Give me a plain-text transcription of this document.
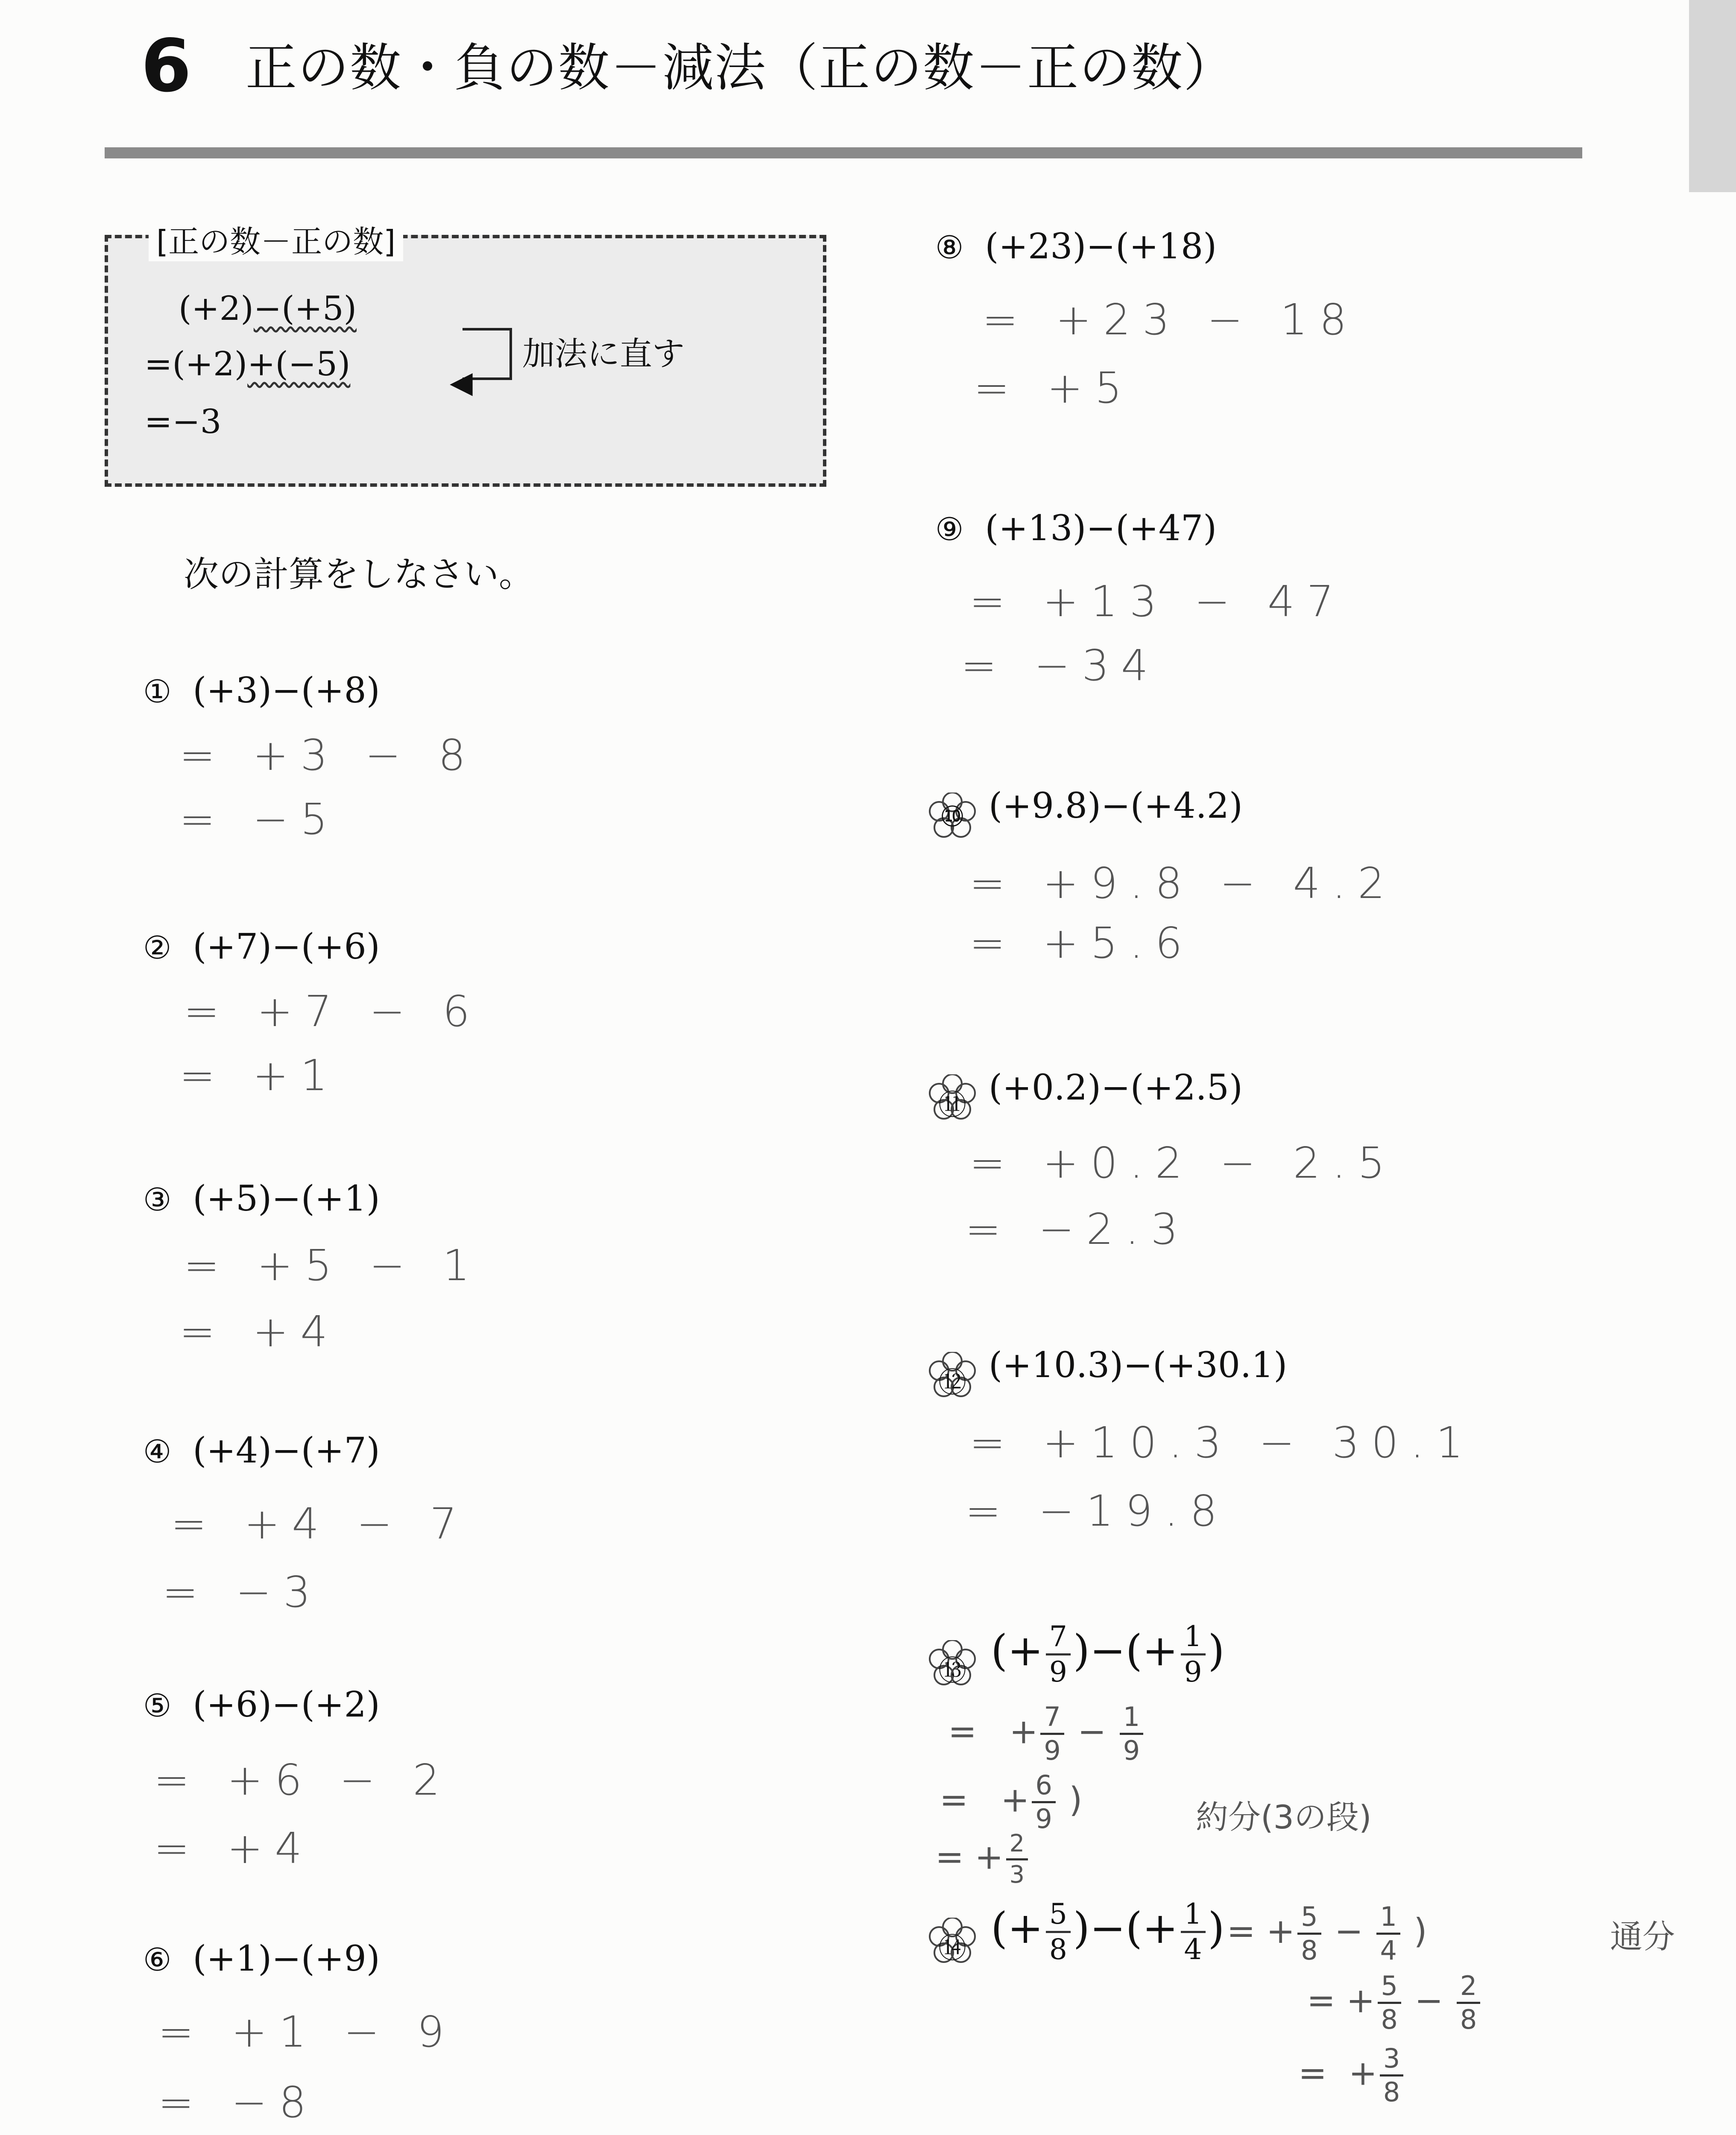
6 正の数・負の数－減法（正の数－正の数）
[正の数－正の数]
(+2)−(+5)
=(+2)+(−5)
=−3
◀
加法に直す
次の計算をしなさい。
① (+3)−(+8)
= +3 − 8
= −5
② (+7)−(+6)
= +7 − 6
= +1
③ (+5)−(+1)
= +5 − 1
= +4
④ (+4)−(+7)
= +4 − 7
= −3
⑤ (+6)−(+2)
= +6 − 2
= +4
⑥ (+1)−(+9)
= +1 − 9
= −8
⑧ (+23)−(+18)
= +23 − 18
= +5
⑨ (+13)−(+47)
= +13 − 47
= −34
⑩ (+9.8)−(+4.2)
= +9.8 − 4.2
= +5.6
⑪ (+0.2)−(+2.5)
= +0.2 − 2.5
= −2.3
⑫ (+10.3)−(+30.1)
= +10.3 − 30.1
= −19.8
⑬ (+ $\frac{7}{9}$ )−(+ $\frac{1}{9}$ )
=   + $\frac{7}{9} - \frac{1}{9}$
=   + $\frac{6}{9}$ )	約分(3の段)
= + $\frac{2}{3}$
⑭ (+ $\frac{5}{8}$ )−(+ $\frac{1}{4}$ ) = + $\frac{5}{8} - \frac{1}{4}$ )	通分
= + $\frac{5}{8} - \frac{2}{8}$
=  + $\frac{3}{8}$
